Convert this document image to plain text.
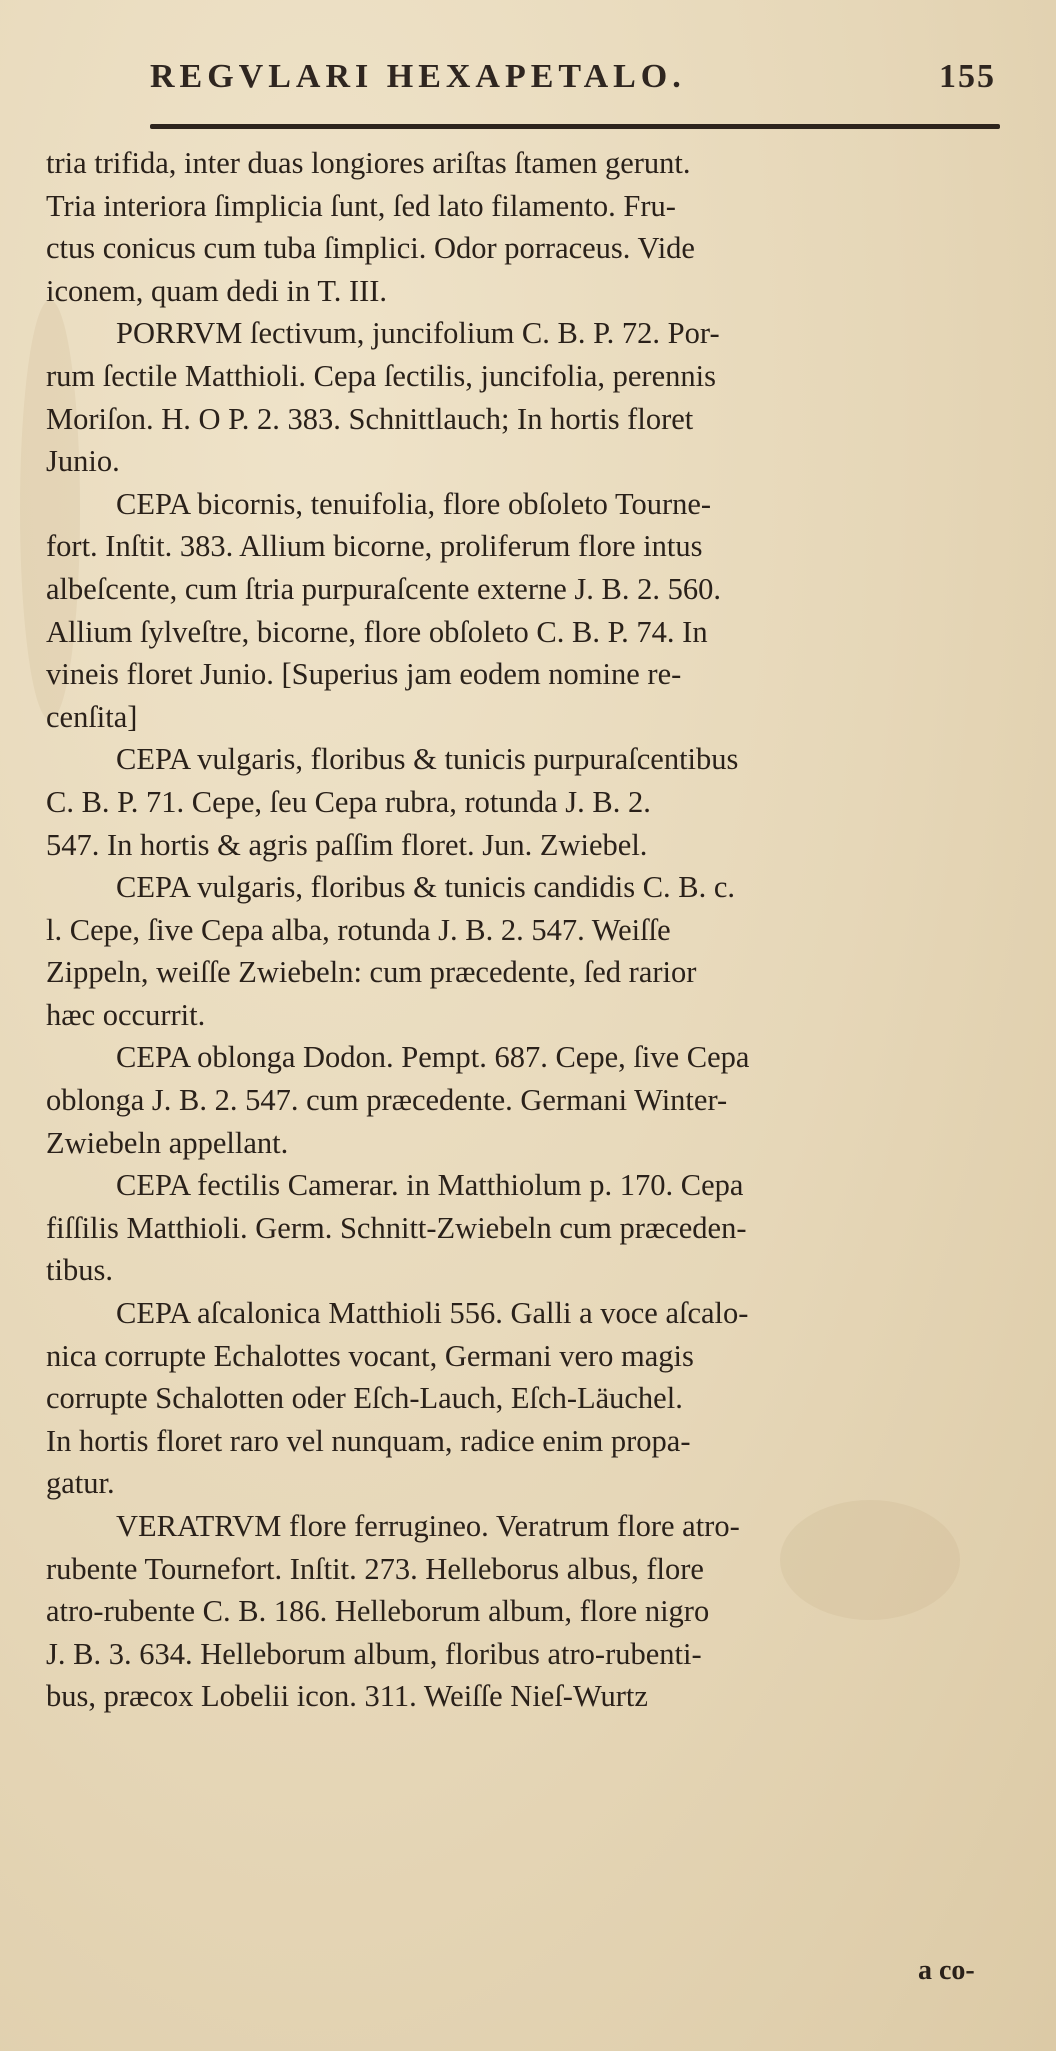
REGVLARI HEXAPETALO.	155
tria trifida, inter duas longiores ariſtas ſtamen gerunt.
Tria interiora ſimplicia ſunt, ſed lato filamento. Fru-
ctus conicus cum tuba ſimplici. Odor porraceus. Vide
iconem, quam dedi in T. III.
PORRVM ſectivum, juncifolium C. B. P. 72. Por-
rum ſectile Matthioli. Cepa ſectilis, juncifolia, perennis
Moriſon. H. O P. 2. 383. Schnittlauch; In hortis floret
Junio.
CEPA bicornis, tenuifolia, flore obſoleto Tourne-
fort. Inſtit. 383. Allium bicorne, proliferum flore intus
albeſcente, cum ſtria purpuraſcente externe J. B. 2. 560.
Allium ſylveſtre, bicorne, flore obſoleto C. B. P. 74. In
vineis floret Junio. [Superius jam eodem nomine re-
cenſita]
CEPA vulgaris, floribus & tunicis purpuraſcentibus
C. B. P. 71. Cepe, ſeu Cepa rubra, rotunda J. B. 2.
547. In hortis & agris paſſim floret. Jun. Zwiebel.
CEPA vulgaris, floribus & tunicis candidis C. B. c.
l. Cepe, ſive Cepa alba, rotunda J. B. 2. 547. Weiſſe
Zippeln, weiſſe Zwiebeln: cum præcedente, ſed rarior
hæc occurrit.
CEPA oblonga Dodon. Pempt. 687. Cepe, ſive Cepa
oblonga J. B. 2. 547. cum præcedente. Germani Winter-
Zwiebeln appellant.
CEPA fectilis Camerar. in Matthiolum p. 170. Cepa
fiſſilis Matthioli. Germ. Schnitt-Zwiebeln cum præceden-
tibus.
CEPA aſcalonica Matthioli 556. Galli a voce aſcalo-
nica corrupte Echalottes vocant, Germani vero magis
corrupte Schalotten oder Eſch-Lauch, Eſch-Läuchel.
In hortis floret raro vel nunquam, radice enim propa-
gatur.
VERATRVM flore ferrugineo. Veratrum flore atro-
rubente Tournefort. Inſtit. 273. Helleborus albus, flore
atro-rubente C. B. 186. Helleborum album, flore nigro
J. B. 3. 634. Helleborum album, floribus atro-rubenti-
bus, præcox Lobelii icon. 311. Weiſſe Nieſ-Wurtz
a co-
